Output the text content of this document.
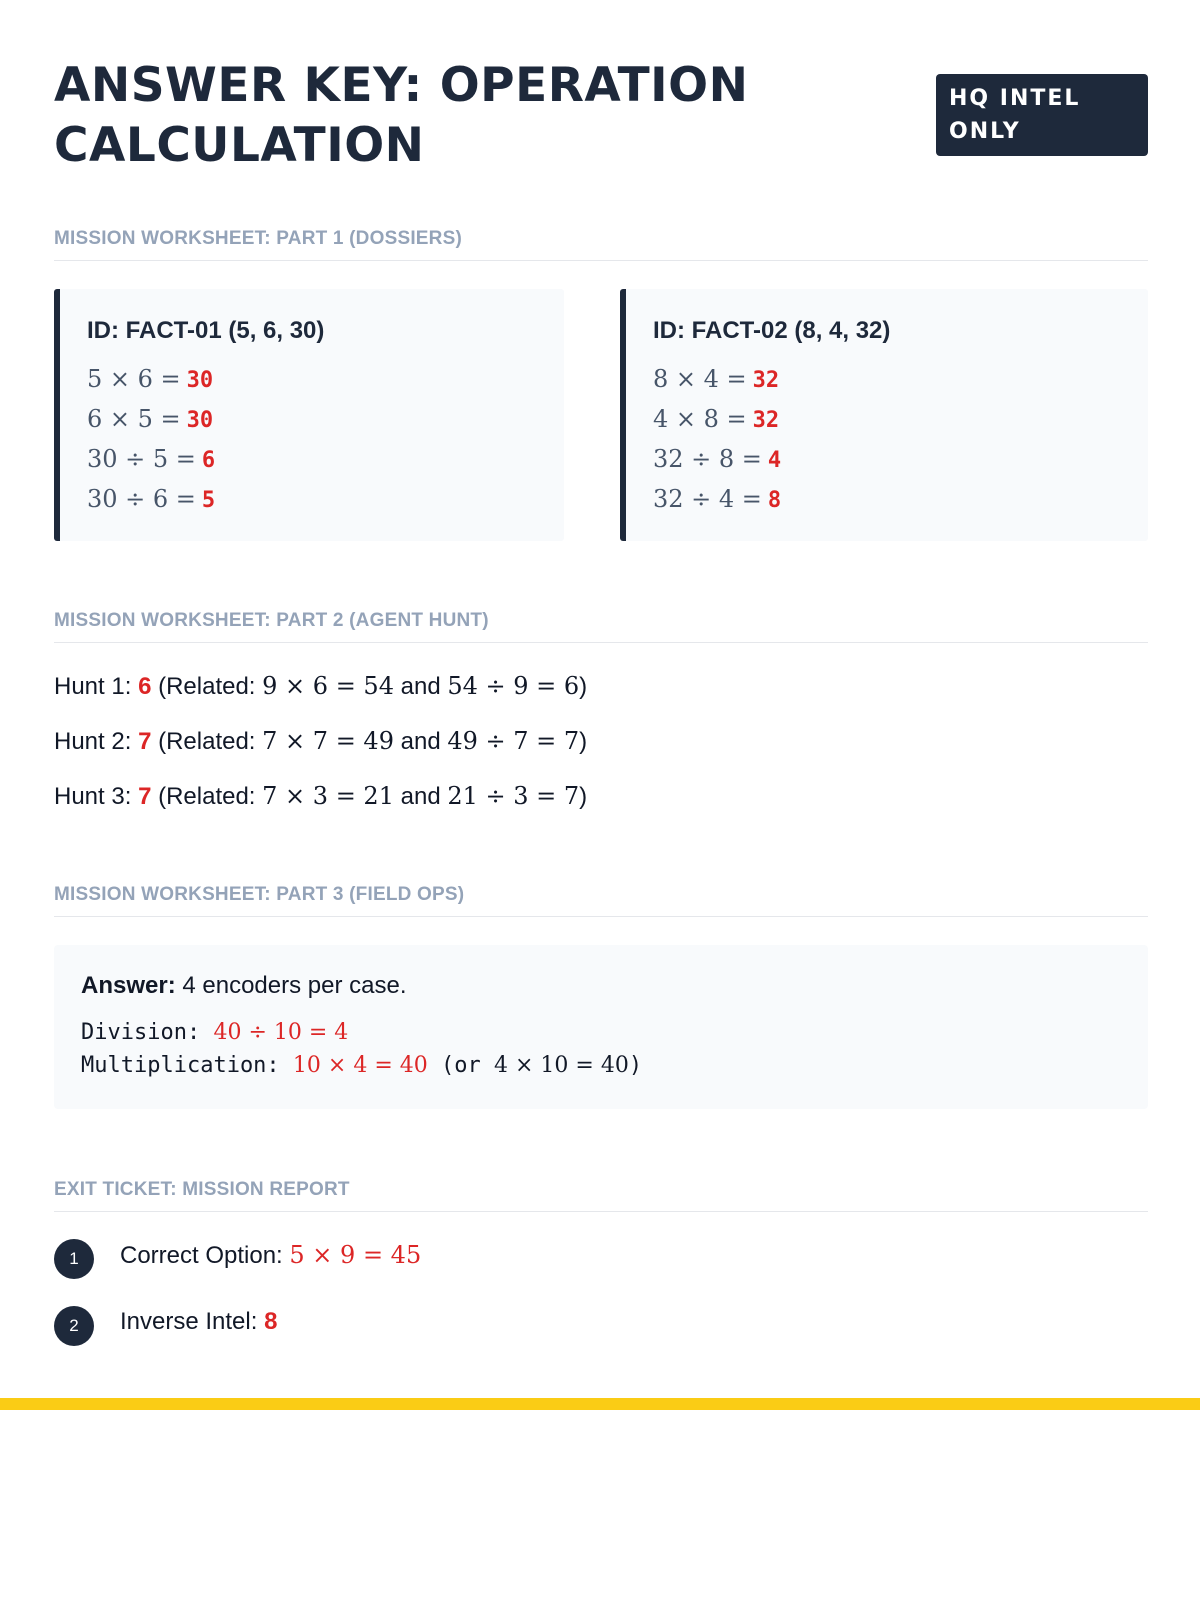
ANSWER KEY: OPERATION CALCULATION
HQ INTEL ONLY
MISSION WORKSHEET: PART 1 (DOSSIERS)
ID: FACT-01 (5, 6, 30)
5 × 6 = 30
6 × 5 = 30
30 ÷ 5 = 6
30 ÷ 6 = 5
ID: FACT-02 (8, 4, 32)
8 × 4 = 32
4 × 8 = 32
32 ÷ 8 = 4
32 ÷ 4 = 8
MISSION WORKSHEET: PART 2 (AGENT HUNT)
Hunt 1: 6 (Related: 9 × 6 = 54 and 54 ÷ 9 = 6)
Hunt 2: 7 (Related: 7 × 7 = 49 and 49 ÷ 7 = 7)
Hunt 3: 7 (Related: 7 × 3 = 21 and 21 ÷ 3 = 7)
MISSION WORKSHEET: PART 3 (FIELD OPS)
Answer: 4 encoders per case.
Division: 40 ÷ 10 = 4
Multiplication: 10 × 4 = 40 (or 4 × 10 = 40)
EXIT TICKET: MISSION REPORT
1	Correct Option: 5 × 9 = 45
2	Inverse Intel: 8
